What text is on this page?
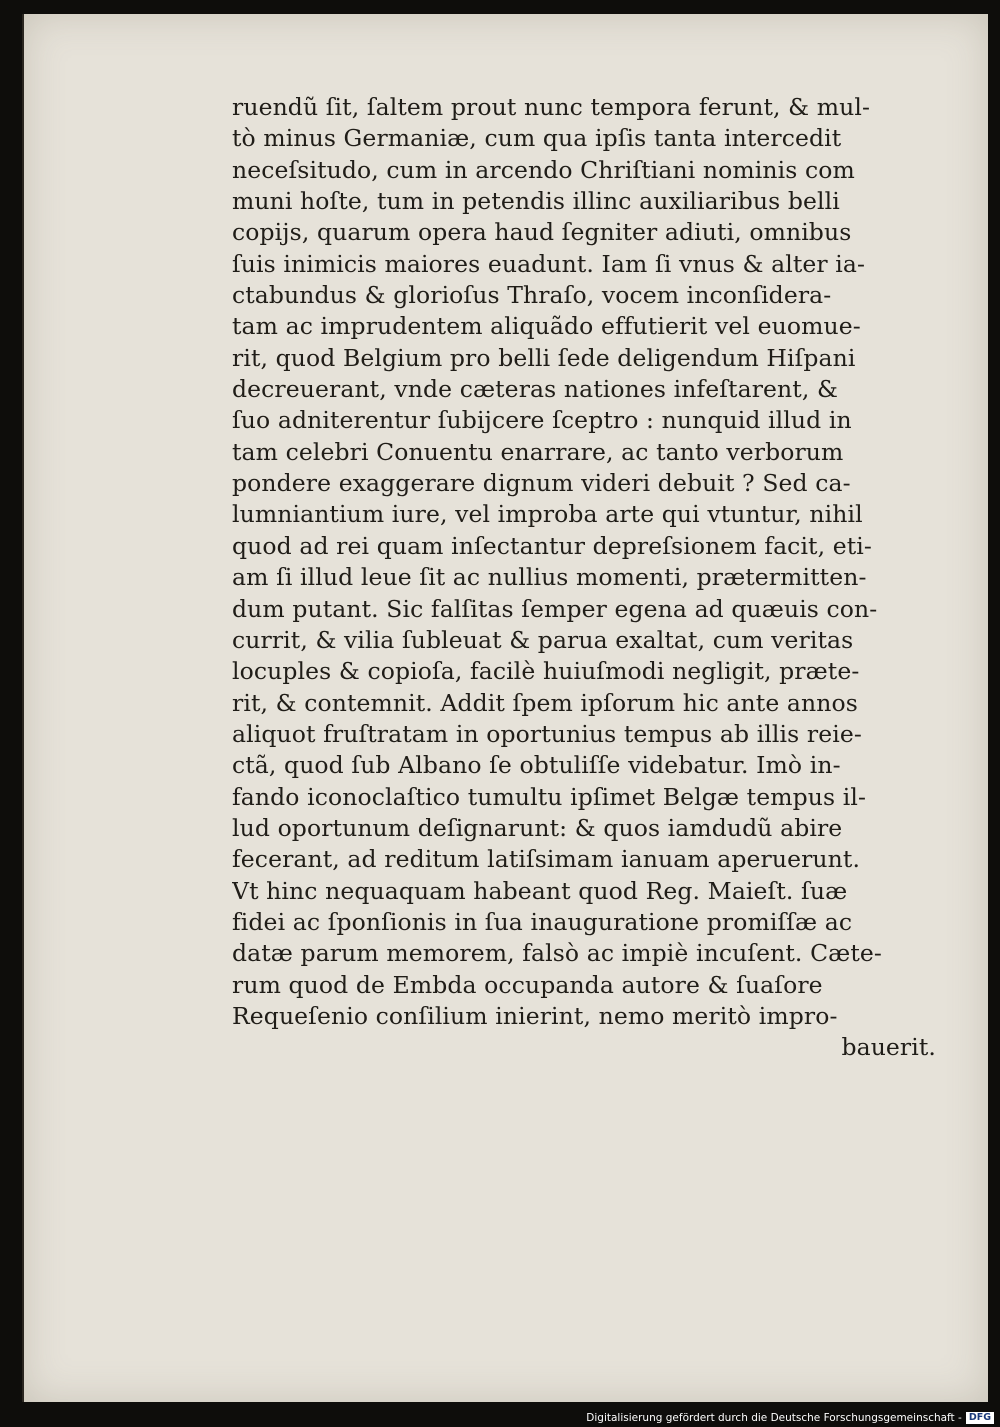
ruendũ ſit, ſaltem prout nunc tempora ferunt, & mul-
tò minus Germaniæ, cum qua ipſis tanta intercedit
neceſsitudo, cum in arcendo Chriſtiani nominis com
muni hoſte, tum in petendis illinc auxiliaribus belli
copijs, quarum opera haud ſegniter adiuti, omnibus
ſuis inimicis maiores euadunt. Iam ſi vnus & alter ia-
ctabundus & glorioſus Thraſo, vocem inconſidera-
tam ac imprudentem aliquãdo effutierit vel euomue-
rit, quod Belgium pro belli ſede deligendum Hiſpani
decreuerant, vnde cæteras nationes infeſtarent, &
ſuo adniterentur ſubijcere ſceptro : nunquid illud in
tam celebri Conuentu enarrare, ac tanto verborum
pondere exaggerare dignum videri debuit ? Sed ca-
lumniantium iure, vel improba arte qui vtuntur, nihil
quod ad rei quam inſectantur depreſsionem facit, eti-
am ſi illud leue ſit ac nullius momenti, prætermitten-
dum putant. Sic falſitas ſemper egena ad quæuis con-
currit, & vilia ſubleuat & parua exaltat, cum veritas
locuples & copioſa, facilè huiuſmodi negligit, præte-
rit, & contemnit. Addit ſpem ipſorum hic ante annos
aliquot fruſtratam in oportunius tempus ab illis reie-
ctã, quod ſub Albano ſe obtuliſſe videbatur. Imò in-
fando iconoclaſtico tumultu ipſimet Belgæ tempus il-
lud oportunum deſignarunt: & quos iamdudũ abire
fecerant, ad reditum latiſsimam ianuam aperuerunt.
Vt hinc nequaquam habeant quod Reg. Maieſt. ſuæ
fidei ac ſponſionis in ſua inauguratione promiſſæ ac
datæ parum memorem, falsò ac impiè incuſent. Cæte-
rum quod de Embda occupanda autore & ſuaſore
Requeſenio conſilium inierint, nemo meritò impro-
bauerit.
Digitalisierung gefördert durch die Deutsche Forschungsgemeinschaft - DFG
